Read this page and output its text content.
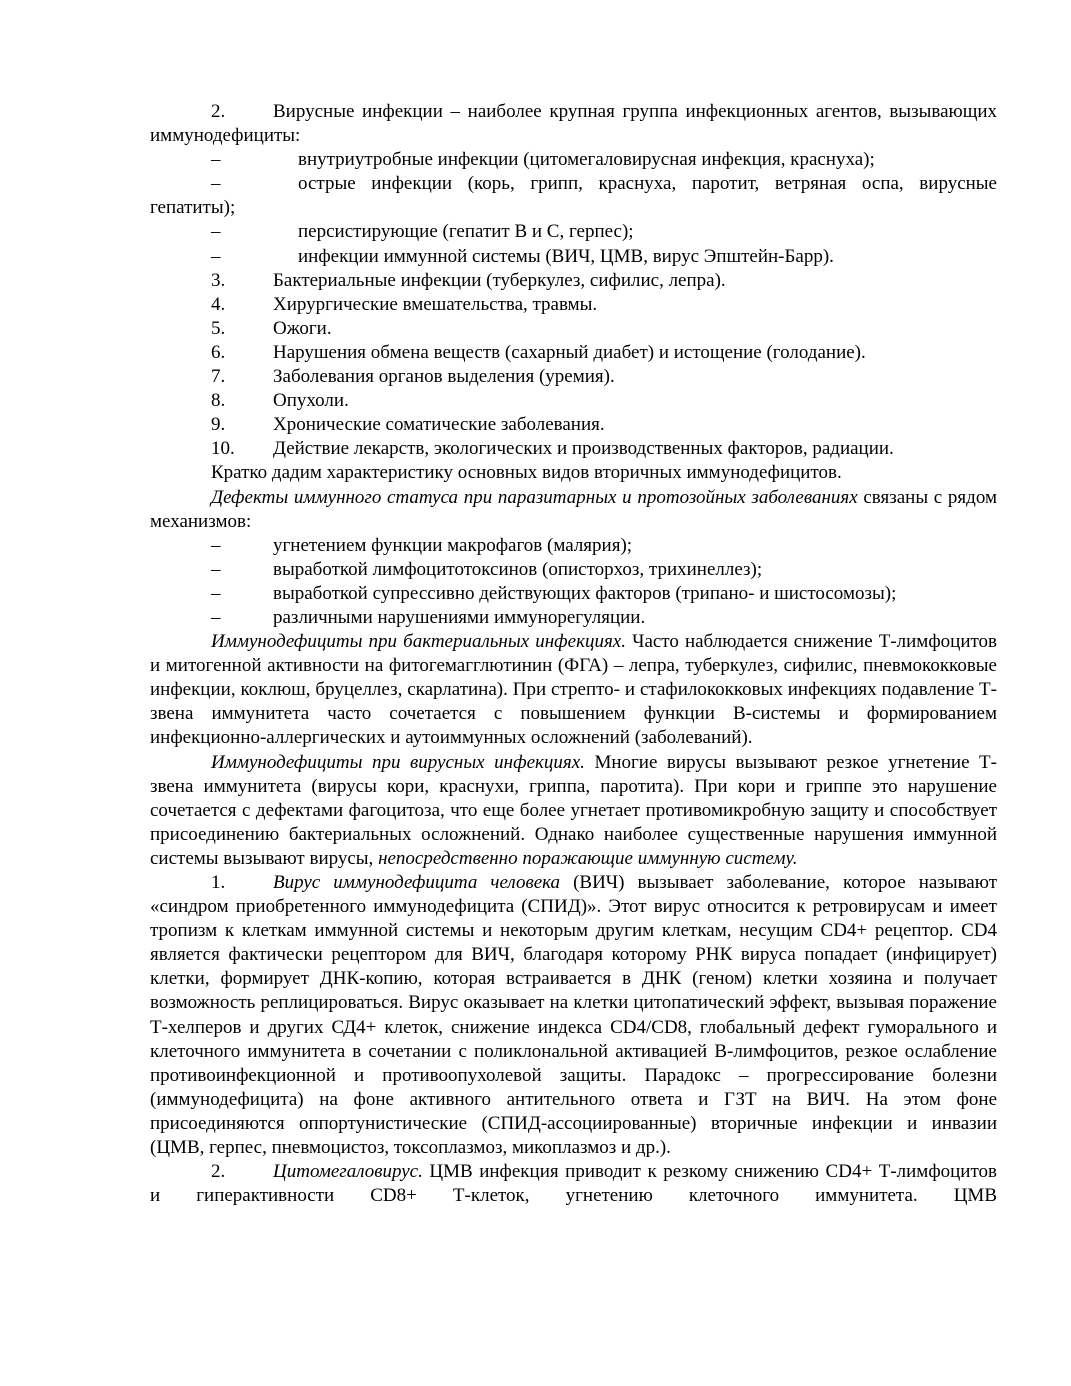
2.	Вирусные инфекции – наиболее крупная группа инфекционных агентов, вызывающих иммунодефициты:

–	внутриутробные инфекции (цитомегаловирусная инфекция, краснуха);

–	острые инфекции (корь, грипп, краснуха, паротит, ветряная оспа, вирусные гепатиты);

–	персистирующие (гепатит В и С, герпес);

–	инфекции иммунной системы (ВИЧ, ЦМВ, вирус Эпштейн-Барр).

3.	Бактериальные инфекции (туберкулез, сифилис, лепра).

4.	Хирургические вмешательства, травмы.

5.	Ожоги.

6.	Нарушения обмена веществ (сахарный диабет) и истощение (голодание).

7.	Заболевания органов выделения (уремия).

8.	Опухоли.

9.	Хронические соматические заболевания.

10. Действие лекарств, экологических и производственных факторов, радиации.

Кратко дадим характеристику основных видов вторичных иммунодефицитов.

Дефекты иммунного статуса при паразитарных и протозойных заболеваниях связаны с рядом механизмов:

–	угнетением функции макрофагов (малярия);

–	выработкой лимфоцитотоксинов (описторхоз, трихинеллез);

–	выработкой супрессивно действующих факторов (трипано- и шистосомозы);

–	различными нарушениями иммунорегуляции.

Иммунодефициты при бактериальных инфекциях. Часто наблюдается снижение Т-лимфоцитов и митогенной активности на фитогемагглютинин (ФГА) – лепра, туберкулез, сифилис, пневмококковые инфекции, коклюш, бруцеллез, скарлатина). При стрепто- и стафилококковых инфекциях подавление Т-звена иммунитета часто сочетается с повышением функции В-системы и формированием инфекционно-аллергических и аутоиммунных осложнений (заболеваний).

Иммунодефициты при вирусных инфекциях. Многие вирусы вызывают резкое угнетение Т-звена иммунитета (вирусы кори, краснухи, гриппа, паротита). При кори и гриппе это нарушение сочетается с дефектами фагоцитоза, что еще более угнетает противомикробную защиту и способствует присоединению бактериальных осложнений. Однако наиболее существенные нарушения иммунной системы вызывают вирусы, непосредственно поражающие иммунную систему.

1.	Вирус иммунодефицита человека (ВИЧ) вызывает заболевание, которое называют «синдром приобретенного иммунодефицита (СПИД)». Этот вирус относится к ретровирусам и имеет тропизм к клеткам иммунной системы и некоторым другим клеткам, несущим CD4+ рецептор. CD4 является фактически рецептором для ВИЧ, благодаря которому РНК вируса попадает (инфицирует) клетки, формирует ДНК-копию, которая встраивается в ДНК (геном) клетки хозяина и получает возможность реплицироваться. Вирус оказывает на клетки цитопатический эффект, вызывая поражение Т-хелперов и других СД4+ клеток, снижение индекса CD4/CD8, глобальный дефект гуморального и клеточного иммунитета в сочетании с поликлональной активацией В-лимфоцитов, резкое ослабление противоинфекционной и противоопухолевой защиты. Парадокс – прогрессирование болезни (иммунодефицита) на фоне активного антительного ответа и ГЗТ на ВИЧ. На этом фоне присоединяются оппортунистические (СПИД-ассоциированные) вторичные инфекции и инвазии (ЦМВ, герпес, пневмоцистоз, токсоплазмоз, микоплазмоз и др.).

2.	Цитомегаловирус. ЦМВ инфекция приводит к резкому снижению CD4+ Т-лимфоцитов и гиперактивности CD8+ Т-клеток, угнетению клеточного иммунитета. ЦМВ
